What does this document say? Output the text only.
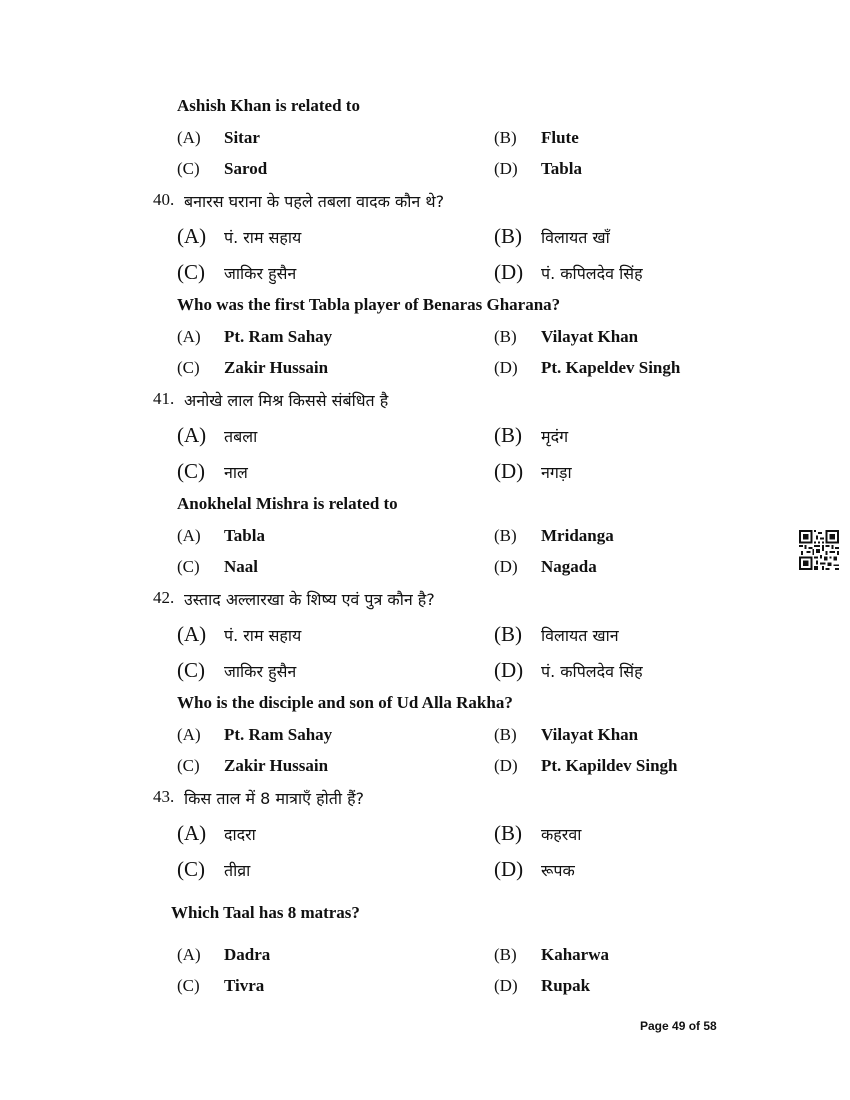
Ashish Khan is related to
(A) Sitar	(B) Flute
(C) Sarod	(D) Tabla
40. बनारस घराना के पहले तबला वादक कौन थे?
(A) पं. राम सहाय	(B) विलायत खाँ
(C) जाकिर हुसैन	(D) पं. कपिलदेव सिंह
Who was the first Tabla player of Benaras Gharana?
(A) Pt. Ram Sahay	(B) Vilayat Khan
(C) Zakir Hussain	(D) Pt. Kapeldev Singh
41. अनोखे लाल मिश्र किससे संबंधित है
(A) तबला	(B) मृदंग
(C) नाल	(D) नगड़ा
Anokhelal Mishra is related to
(A) Tabla	(B) Mridanga
(C) Naal	(D) Nagada
42. उस्ताद अल्लारखा के शिष्य एवं पुत्र कौन है?
(A) पं. राम सहाय	(B) विलायत खान
(C) जाकिर हुसैन	(D) पं. कपिलदेव सिंह
Who is the disciple and son of Ud Alla Rakha?
(A) Pt. Ram Sahay	(B) Vilayat Khan
(C) Zakir Hussain	(D) Pt. Kapildev Singh
43. किस ताल में 8 मात्राएँ होती हैं?
(A) दादरा	(B) कहरवा
(C) तीव्रा	(D) रूपक
Which Taal has 8 matras?
(A) Dadra	(B) Kaharwa
(C) Tivra	(D) Rupak
Page 49 of 58
